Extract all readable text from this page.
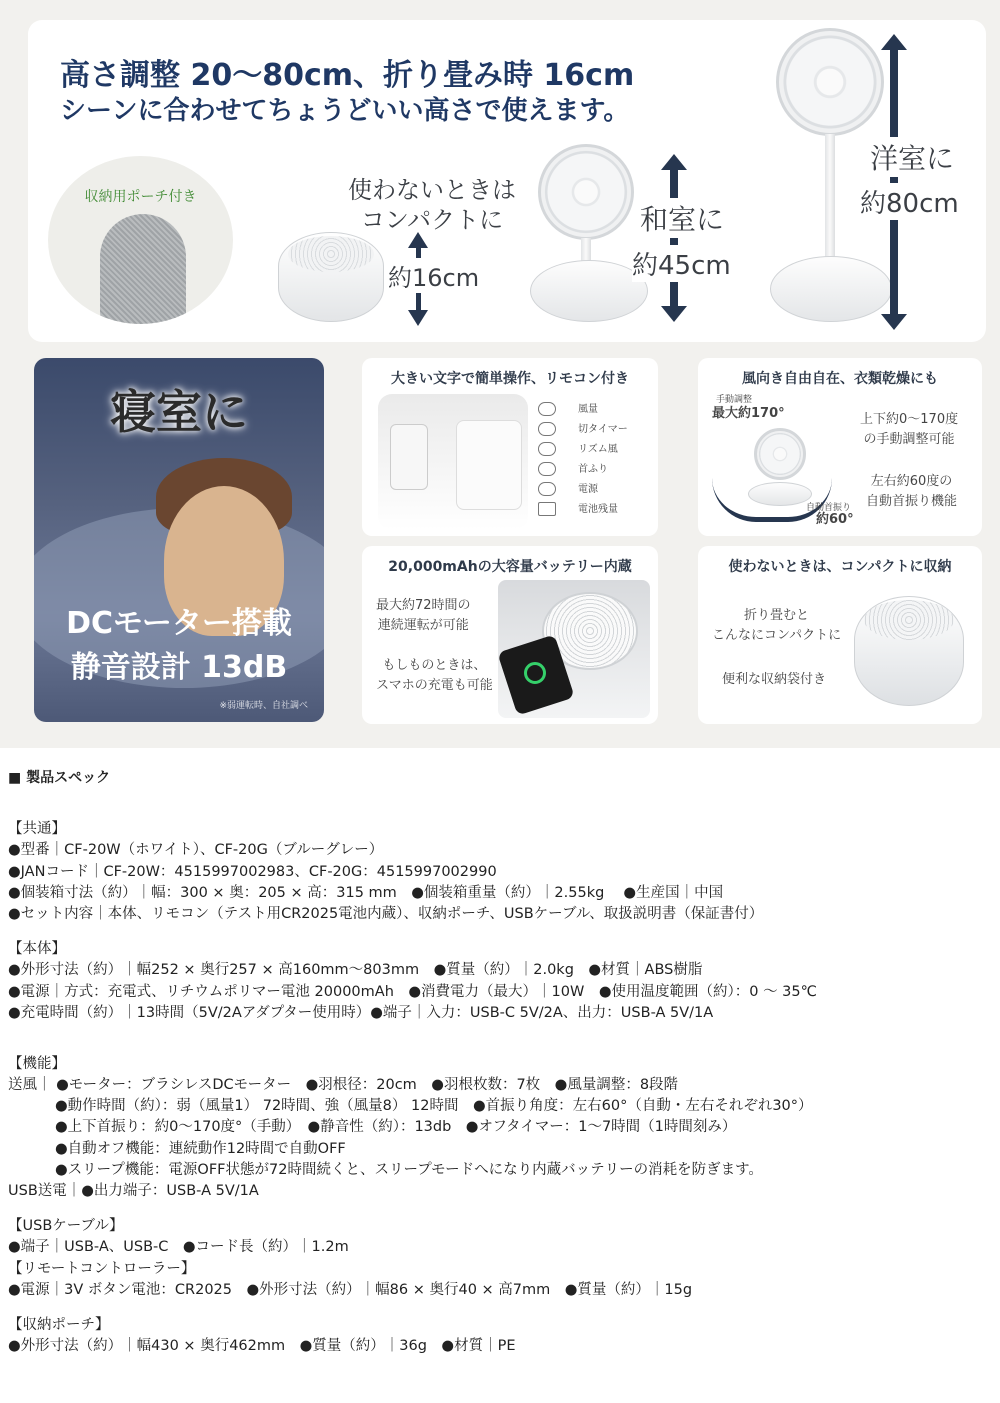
高さ調整 20～80cm、折り畳み時 16cm
シーンに合わせてちょうどいい高さで使えます。
収納用ポーチ付き	使わないときは
コンパクトに
約16cm
和室に
約45cm
洋室に
約80cm
寝室に
DCモーター搭載
静音設計 13dB
※弱運転時、自社調べ
大きい文字で簡単操作、リモコン付き
風量
切タイマー
リズム風
首ふり
電源
電池残量
風向き自由自在、衣類乾燥にも
手動調整
最大約170°
自動首振り
約60°
上下約0～170度
の手動調整可能
左右約60度の
自動首振り機能
20,000mAhの大容量バッテリー内蔵
最大約72時間の
連続運転が可能
もしものときは、
スマホの充電も可能
使わないときは、コンパクトに収納
折り畳むと
こんなにコンパクトに
便利な収納袋付き
■ 製品スペック
【共通】
●型番｜CF-20W（ホワイト）、CF-20G（ブルーグレー）
●JANコード｜CF-20W：4515997002983、CF-20G：4515997002990
●個装箱寸法（約）｜幅：300 × 奥：205 × 高：315 mm　●個装箱重量（約）｜2.55kg　 ●生産国｜中国
●セット内容｜本体、リモコン（テスト用CR2025電池内蔵）、収納ポーチ、USBケーブル、取扱説明書（保証書付）
【本体】
●外形寸法（約）｜幅252 × 奥行257 × 高160mm～803mm　●質量（約）｜2.0kg　●材質｜ABS樹脂
●電源｜方式：充電式、リチウムポリマー電池 20000mAh　●消費電力（最大）｜10W　●使用温度範囲（約）：0 ～ 35℃
●充電時間（約）｜13時間（5V/2Aアダプター使用時）●端子｜入力：USB-C 5V/2A、出力：USB-A 5V/1A
【機能】
送風｜ ●モーター：ブラシレスDCモーター　●羽根径：20cm　●羽根枚数：7枚　●風量調整：8段階
●動作時間（約）：弱（風量1） 72時間、強（風量8） 12時間　●首振り角度：左右60°（自動・左右それぞれ30°）
●上下首振り：約0～170度°（手動）　●静音性（約）：13db　●オフタイマー：1～7時間（1時間刻み）
●自動オフ機能：連続動作12時間で自動OFF
●スリープ機能：電源OFF状態が72時間続くと、スリープモードへになり内蔵バッテリーの消耗を防ぎます。
USB送電｜●出力端子：USB-A 5V/1A
【USBケーブル】
●端子｜USB-A、USB-C　●コード長（約）｜1.2m
【リモートコントローラー】
●電源｜3V ボタン電池：CR2025　●外形寸法（約）｜幅86 × 奥行40 × 高7mm　●質量（約）｜15g
【収納ポーチ】
●外形寸法（約）｜幅430 × 奥行462mm　●質量（約）｜36g　●材質｜PE
